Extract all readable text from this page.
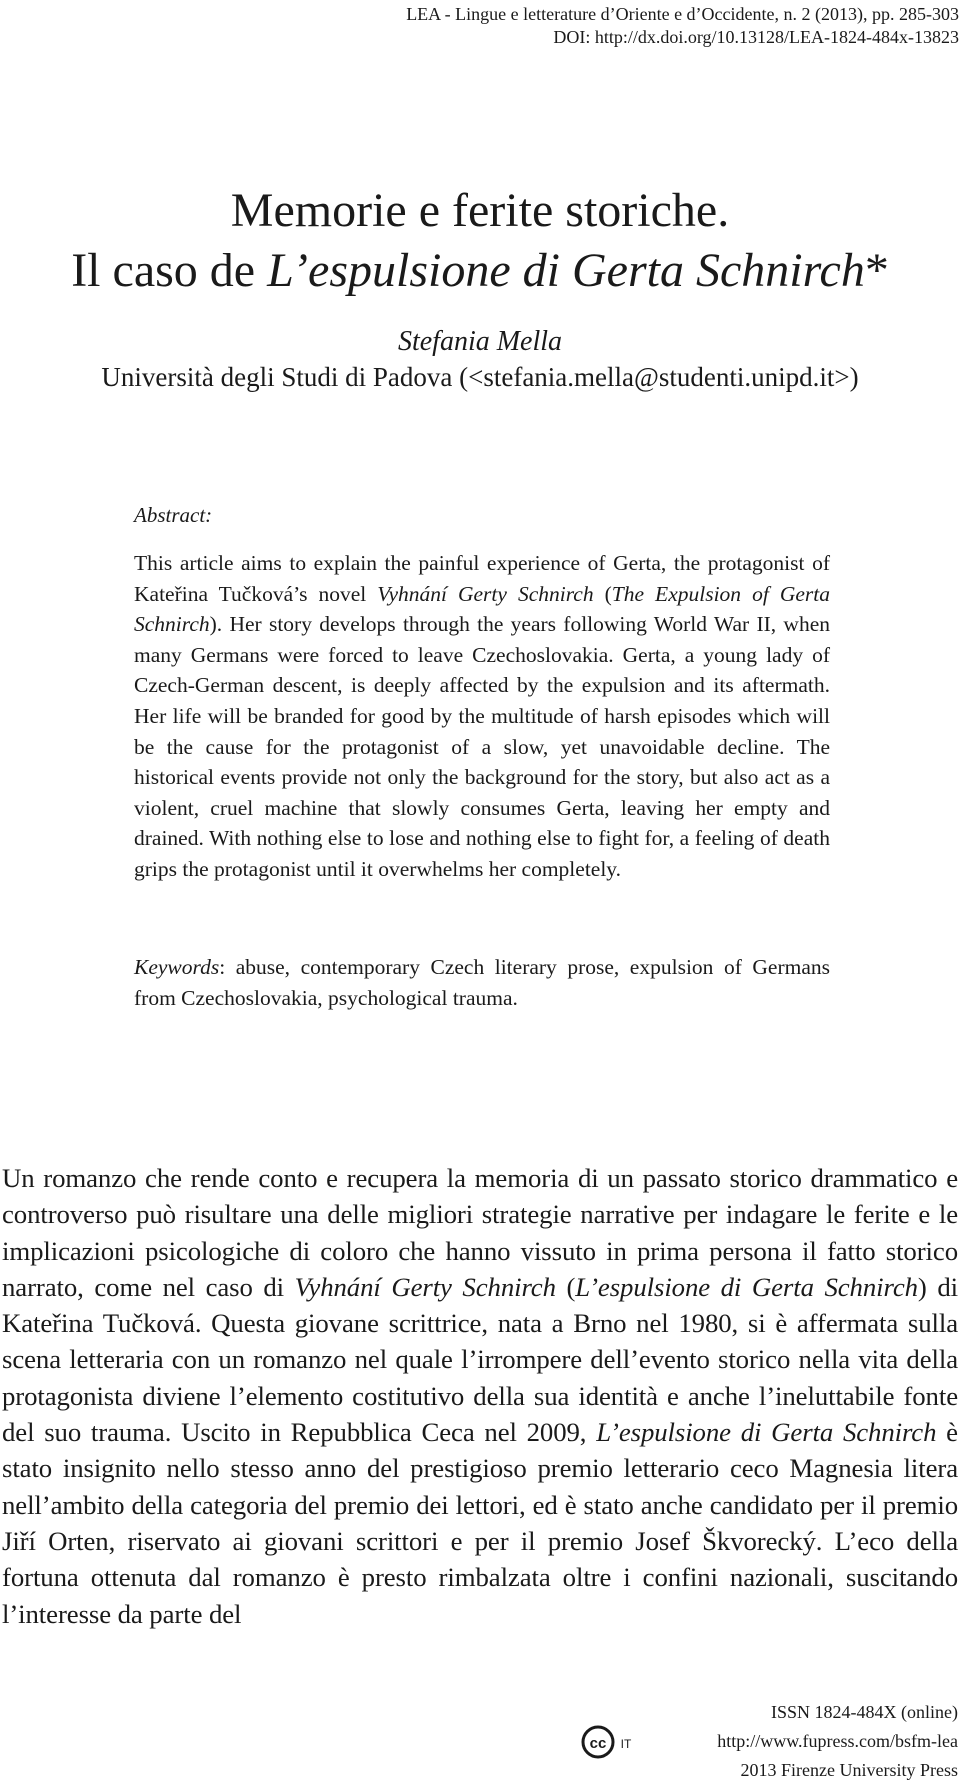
LEA - Lingue e letterature d’Oriente e d’Occidente, n. 2 (2013), pp. 285-303
DOI: http://dx.doi.org/10.13128/LEA-1824-484x-13823
Memorie e ferite storiche.
Il caso de L’espulsione di Gerta Schnirch*
Stefania Mella
Università degli Studi di Padova (<stefania.mella@studenti.unipd.it>)
Abstract:
This article aims to explain the painful experience of Gerta, the protagonist of Kateřina Tučková’s novel Vyhnání Gerty Schnirch (The Expulsion of Gerta Schnirch). Her story develops through the years following World War II, when many Germans were forced to leave Czechoslovakia. Gerta, a young lady of Czech-German descent, is deeply affected by the expulsion and its aftermath. Her life will be branded for good by the multitude of harsh episodes which will be the cause for the protagonist of a slow, yet unavoidable decline. The historical events provide not only the background for the story, but also act as a violent, cruel machine that slowly consumes Gerta, leaving her empty and drained. With nothing else to lose and nothing else to fight for, a feeling of death grips the protagonist until it overwhelms her completely.
Keywords: abuse, contemporary Czech literary prose, expulsion of Germans from Czechoslovakia, psychological trauma.
Un romanzo che rende conto e recupera la memoria di un passato storico drammatico e controverso può risultare una delle migliori strategie narrative per indagare le ferite e le implicazioni psicologiche di coloro che hanno vissuto in prima persona il fatto storico narrato, come nel caso di Vyhnání Gerty Schnirch (L’espulsione di Gerta Schnirch) di Kateřina Tučková. Questa giovane scrittrice, nata a Brno nel 1980, si è affermata sulla scena letteraria con un romanzo nel quale l’irrompere dell’evento storico nella vita della protagonista diviene l’elemento costitutivo della sua identità e anche l’ineluttabile fonte del suo trauma. Uscito in Repubblica Ceca nel 2009, L’espulsione di Gerta Schnirch è stato insignito nello stesso anno del prestigioso premio letterario ceco Magnesia litera nell’ambito della categoria del premio dei lettori, ed è stato anche candidato per il premio Jiří Orten, riservato ai giovani scrittori e per il premio Josef Škvorecký. L’eco della fortuna ottenuta dal romanzo è presto rimbalzata oltre i confini nazionali, suscitando l’interesse da parte del
cc IT
ISSN 1824-484X (online)
http://www.fupress.com/bsfm-lea
2013 Firenze University Press
